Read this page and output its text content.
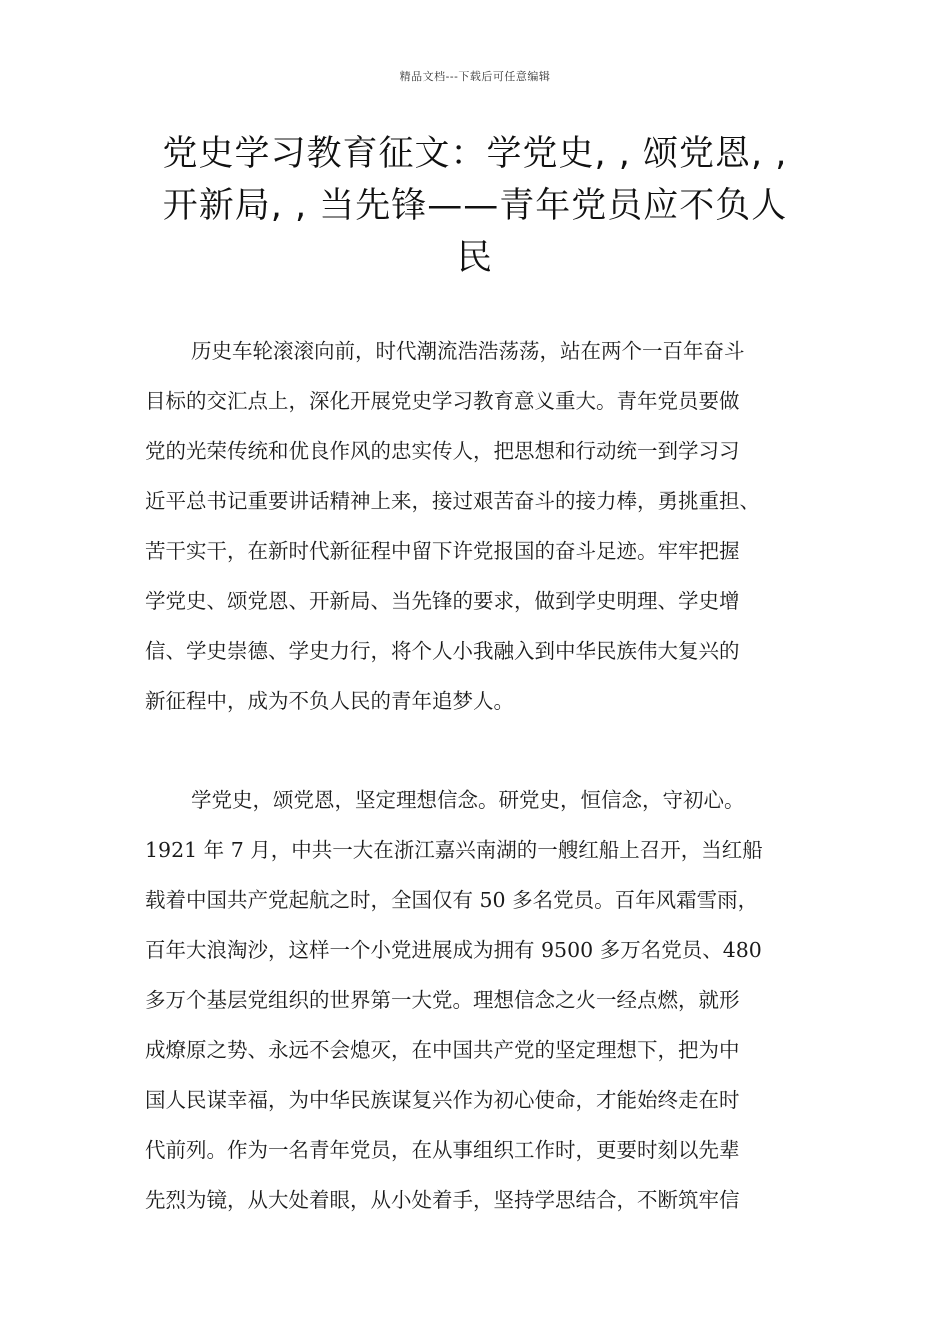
精品文档---下载后可任意编辑
党史学习教育征文：学党史, , 颂党恩, ,
开新局, , 当先锋——青年党员应不负人
民
历史车轮滚滚向前，时代潮流浩浩荡荡，站在两个一百年奋斗
目标的交汇点上，深化开展党史学习教育意义重大。青年党员要做
党的光荣传统和优良作风的忠实传人，把思想和行动统一到学习习
近平总书记重要讲话精神上来，接过艰苦奋斗的接力棒，勇挑重担、
苦干实干，在新时代新征程中留下许党报国的奋斗足迹。牢牢把握
学党史、颂党恩、开新局、当先锋的要求，做到学史明理、学史增
信、学史崇德、学史力行，将个人小我融入到中华民族伟大复兴的
新征程中，成为不负人民的青年追梦人。
学党史，颂党恩，坚定理想信念。研党史，恒信念，守初心。
1921 年 7 月，中共一大在浙江嘉兴南湖的一艘红船上召开，当红船
载着中国共产党起航之时，全国仅有 50 多名党员。百年风霜雪雨，
百年大浪淘沙，这样一个小党进展成为拥有 9500 多万名党员、480
多万个基层党组织的世界第一大党。理想信念之火一经点燃，就形
成燎原之势、永远不会熄灭，在中国共产党的坚定理想下，把为中
国人民谋幸福，为中华民族谋复兴作为初心使命，才能始终走在时
代前列。作为一名青年党员，在从事组织工作时，更要时刻以先辈
先烈为镜，从大处着眼，从小处着手，坚持学思结合，不断筑牢信
